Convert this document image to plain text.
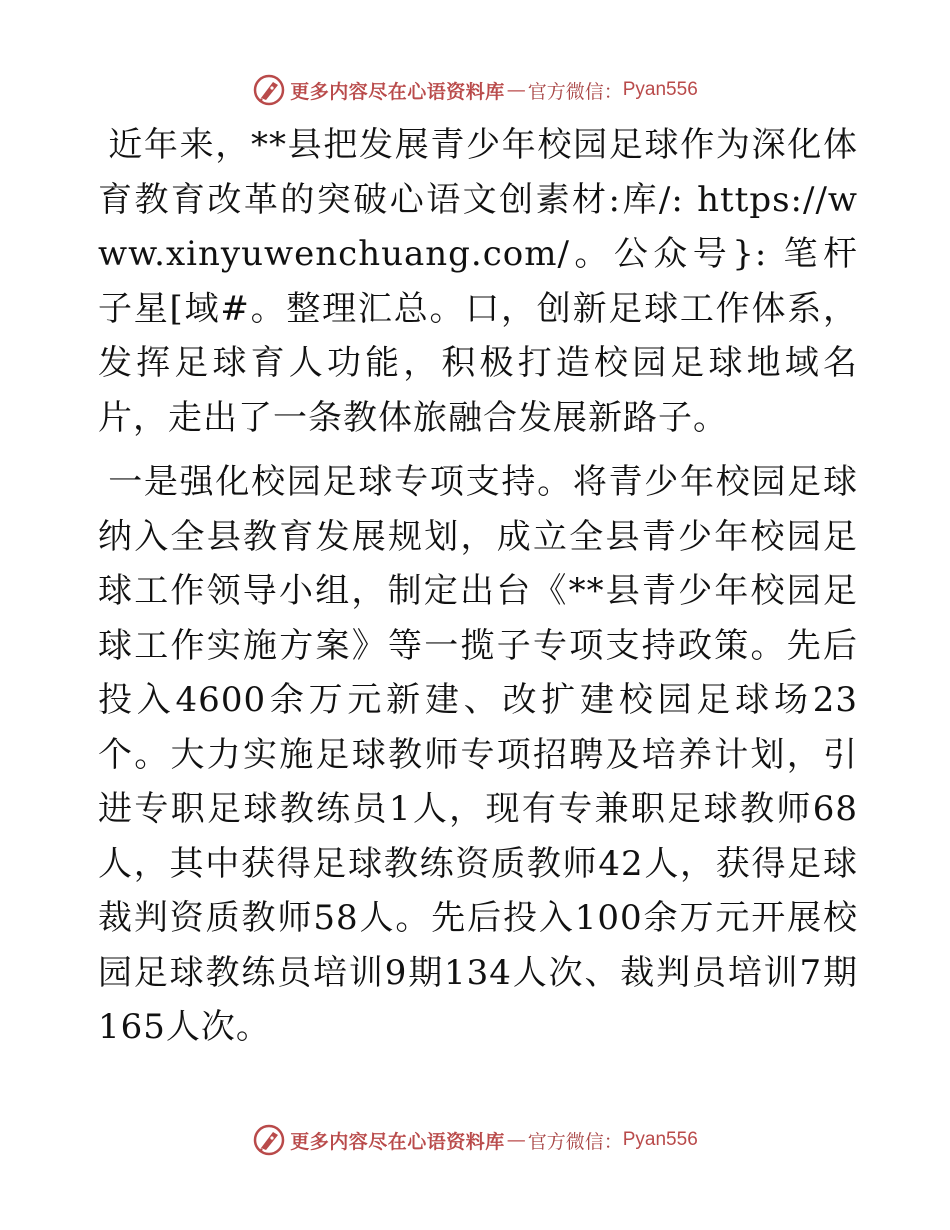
更多内容尽在心语资料库 — 官方微信： Pyan556

近年来，**县把发展青少年校园足球作为深化体育教育改革的突破心语文创素材:库/: https://www.xinyuwenchuang.com/。公众号}: 笔杆子星[域#。整理汇总。口，创新足球工作体系，发挥足球育人功能，积极打造校园足球地域名片，走出了一条教体旅融合发展新路子。

一是强化校园足球专项支持。将青少年校园足球纳入全县教育发展规划，成立全县青少年校园足球工作领导小组，制定出台《**县青少年校园足球工作实施方案》等一揽子专项支持政策。先后投入4600余万元新建、改扩建校园足球场23个。大力实施足球教师专项招聘及培养计划，引进专职足球教练员1人，现有专兼职足球教师68人，其中获得足球教练资质教师42人，获得足球裁判资质教师58人。先后投入100余万元开展校园足球教练员培训9期134人次、裁判员培训7期165人次。

更多内容尽在心语资料库 — 官方微信： Pyan556
